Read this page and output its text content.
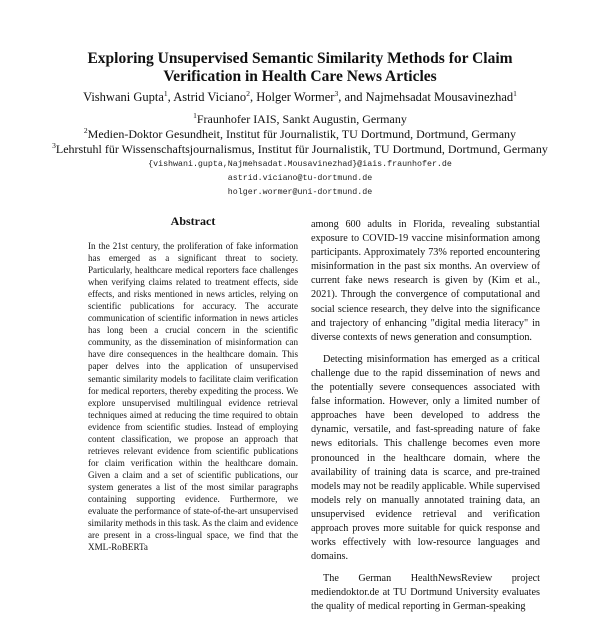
Exploring Unsupervised Semantic Similarity Methods for Claim
Verification in Health Care News Articles
Vishwani Gupta$^1$, Astrid Viciano$^2$, Holger Wormer$^3$, and Najmehsadat Mousavinezhad$^1$
$^1$Fraunhofer IAIS, Sankt Augustin, Germany
$^2$Medien-Doktor Gesundheit, Institut für Journalistik, TU Dortmund, Dortmund, Germany
$^3$Lehrstuhl für Wissenschaftsjournalismus, Institut für Journalistik, TU Dortmund, Dortmund, Germany
{vishwani.gupta,Najmehsadat.Mousavinezhad}@iais.fraunhofer.de
astrid.viciano@tu-dortmund.de
holger.wormer@uni-dortmund.de
Abstract

In the 21st century, the proliferation of fake information has emerged as a significant threat to society. Particularly, healthcare medical reporters face challenges when verifying claims related to treatment effects, side effects, and risks mentioned in news articles, relying on scientific publications for accuracy. The accurate communication of scientific information in news articles has long been a crucial concern in the scientific community, as the dissemination of misinformation can have dire consequences in the healthcare domain. This paper delves into the application of unsupervised semantic similarity models to facilitate claim verification for medical reporters, thereby expediting the process. We explore unsupervised multilingual evidence retrieval techniques aimed at reducing the time required to obtain evidence from scientific studies. Instead of employing content classification, we propose an approach that retrieves relevant evidence from scientific publications for claim verification within the healthcare domain. Given a claim and a set of scientific publications, our system generates a list of the most similar paragraphs containing supporting evidence. Furthermore, we evaluate the performance of state-of-the-art unsupervised similarity methods in this task. As the claim and evidence are present in a cross-lingual space, we find that the XML-RoBERTa

among 600 adults in Florida, revealing substantial exposure to COVID-19 vaccine misinformation among participants. Approximately 73% reported encountering misinformation in the past six months. An overview of current fake news research is given by (Kim et al., 2021). Through the convergence of computational and social science research, they delve into the significance and trajectory of enhancing "digital media literacy" in diverse contexts of news generation and consumption.

Detecting misinformation has emerged as a critical challenge due to the rapid dissemination of news and the potentially severe consequences associated with false information. However, only a limited number of approaches have been developed to address the dynamic, versatile, and fast-spreading nature of fake news editorials. This challenge becomes even more pronounced in the healthcare domain, where the availability of training data is scarce, and pre-trained models may not be readily applicable. While supervised models rely on manually annotated training data, an unsupervised evidence retrieval and verification approach proves more suitable for quick response and works effectively with low-resource languages and domains.

The German HealthNewsReview project mediendoktor.de at TU Dortmund University evaluates the quality of medical reporting in German-speaking
